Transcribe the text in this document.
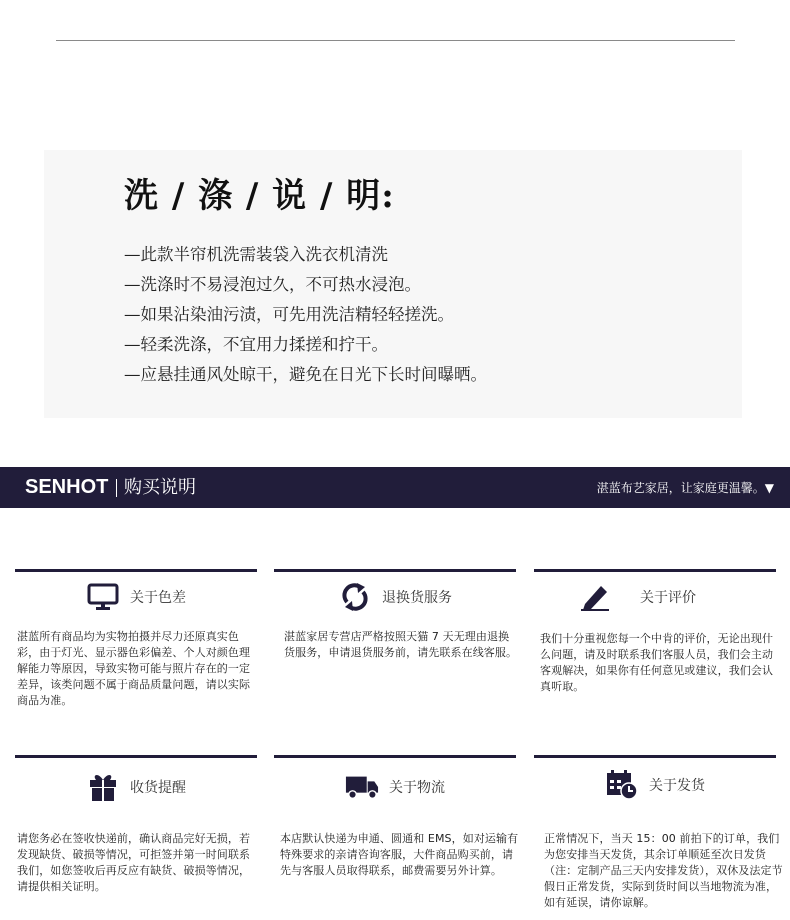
洗 / 涤 / 说 / 明:
—此款半帘机洗需装袋入洗衣机清洗
—洗涤时不易浸泡过久，不可热水浸泡。
—如果沾染油污渍，可先用洗洁精轻轻搓洗。
—轻柔洗涤，不宜用力揉搓和拧干。
—应悬挂通风处晾干，避免在日光下长时间曝晒。
SENHOT 购买说明	湛蓝布艺家居，让家庭更温馨。▼
关于色差

湛蓝所有商品均为实物拍摄并尽力还原真实色彩，由于灯光、显示器色彩偏差、个人对颜色理解能力等原因，导致实物可能与照片存在的一定差异，该类问题不属于商品质量问题，请以实际商品为准。

退换货服务

湛蓝家居专营店严格按照天猫 7 天无理由退换货服务，申请退货服务前，请先联系在线客服。

关于评价

我们十分重视您每一个中肯的评价，无论出现什么问题，请及时联系我们客服人员，我们会主动客观解决，如果你有任何意见或建议，我们会认真听取。

收货提醒

请您务必在签收快递前，确认商品完好无损，若发现缺货、破损等情况，可拒签并第一时间联系我们，如您签收后再反应有缺货、破损等情况，请提供相关证明。

关于物流

本店默认快递为申通、圆通和 EMS，如对运输有特殊要求的亲请咨询客服，大件商品购买前，请先与客服人员取得联系，邮费需要另外计算。

关于发货

正常情况下，当天 15：00 前拍下的订单，我们为您安排当天发货，其余订单顺延至次日发货（注：定制产品三天内安排发货），双休及法定节假日正常发货，实际到货时间以当地物流为准，如有延误，请你谅解。
